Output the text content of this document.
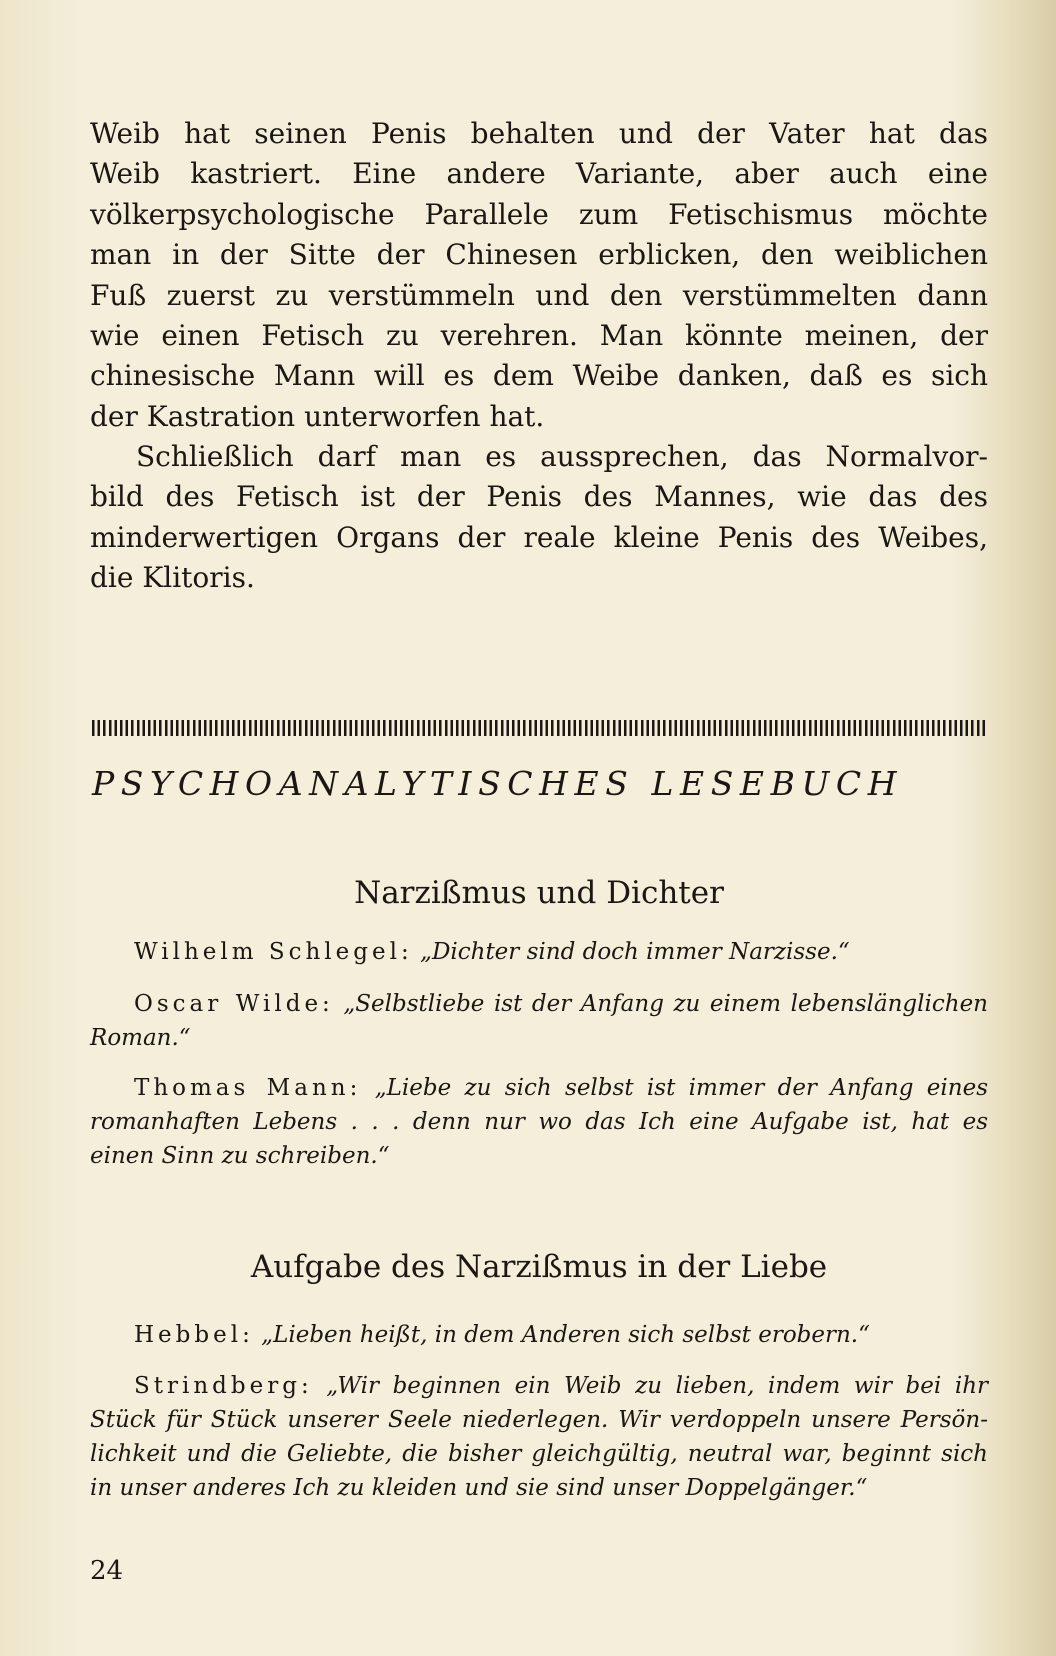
Weib hat seinen Penis behalten und der Vater hat das
Weib kastriert. Eine andere Variante, aber auch eine
völkerpsychologische Parallele zum Fetischismus möchte
man in der Sitte der Chinesen erblicken, den weiblichen
Fuß zuerst zu verstümmeln und den verstümmelten dann
wie einen Fetisch zu verehren. Man könnte meinen, der
chinesische Mann will es dem Weibe danken, daß es sich
der Kastration unterworfen hat.
Schließlich darf man es aussprechen, das Normalvor-
bild des Fetisch ist der Penis des Mannes, wie das des
minderwertigen Organs der reale kleine Penis des Weibes,
die Klitoris.
PSYCHOANALYTISCHES LESEBUCH
Narzißmus und Dichter
Wilhelm Schlegel: „Dichter sind doch immer Narzisse.“
Oscar Wilde: „Selbstliebe ist der Anfang zu einem lebenslänglichen
Roman.“
Thomas Mann: „Liebe zu sich selbst ist immer der Anfang eines
romanhaften Lebens . . . denn nur wo das Ich eine Aufgabe ist, hat es
einen Sinn zu schreiben.“
Aufgabe des Narzißmus in der Liebe
Hebbel: „Lieben heißt, in dem Anderen sich selbst erobern.“
Strindberg: „Wir beginnen ein Weib zu lieben, indem wir bei ihr
Stück für Stück unserer Seele niederlegen. Wir verdoppeln unsere Persön-
lichkeit und die Geliebte, die bisher gleichgültig, neutral war, beginnt sich
in unser anderes Ich zu kleiden und sie sind unser Doppelgänger.“
24
